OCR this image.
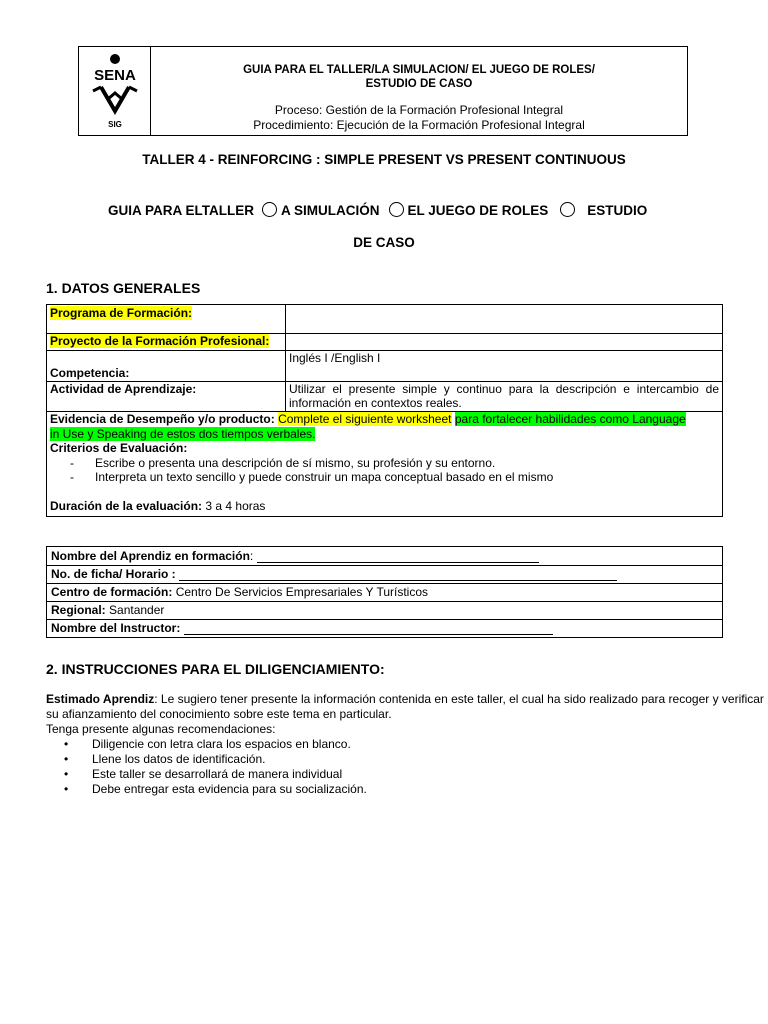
SENA
SIG
GUIA PARA EL TALLER/LA SIMULACION/ EL JUEGO DE ROLES/
ESTUDIO DE CASO
Proceso: Gestión de la Formación Profesional Integral
Procedimiento: Ejecución de la Formación Profesional Integral
TALLER 4 - REINFORCING : SIMPLE PRESENT VS PRESENT CONTINUOUS
GUIA PARA ELTALLER A SIMULACIÓN EL JUEGO DE ROLES	ESTUDIO
DE CASO
1. DATOS GENERALES
Programa de Formación:
Proyecto de la Formación Profesional:
Inglés I /English I
Competencia:
Actividad de Aprendizaje:	Utilizar el presente simple y continuo para la descripción e intercambio de
información en contextos reales.
Evidencia de Desempeño y/o producto: Complete el siguiente worksheet para fortalecer habilidades como Language
in Use y Speaking de estos dos tiempos verbales.
Criterios de Evaluación:
- Escribe o presenta una descripción de sí mismo, su profesión y su entorno.
- Interpreta un texto sencillo y puede construir un mapa conceptual basado en el mismo
Duración de la evaluación: 3 a 4 horas
Nombre del Aprendiz en formación:
No. de ficha/ Horario :
Centro de formación: Centro De Servicios Empresariales Y Turísticos
Regional: Santander
Nombre del Instructor:
2. INSTRUCCIONES PARA EL DILIGENCIAMIENTO:
Estimado Aprendiz: Le sugiero tener presente la información contenida en este taller, el cual ha sido realizado para recoger y verificar su afianzamiento del conocimiento sobre este tema en particular.
Tenga presente algunas recomendaciones:
• Diligencie con letra clara los espacios en blanco.
• Llene los datos de identificación.
• Este taller se desarrollará de manera individual
• Debe entregar esta evidencia para su socialización.
